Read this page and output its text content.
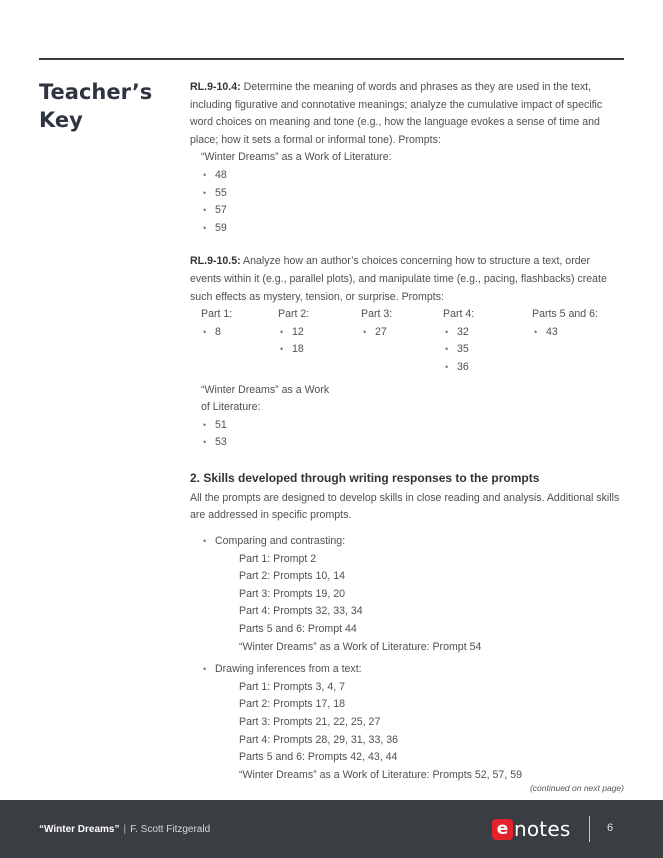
Teacher’s Key

RL.9-10.4: Determine the meaning of words and phrases as they are used in the text, including figurative and connotative meanings; analyze the cumulative impact of specific word choices on meaning and tone (e.g., how the language evokes a sense of time and place; how it sets a formal or informal tone). Prompts:

“Winter Dreams” as a Work of Literature:
• 48
• 55
• 57
• 59

RL.9-10.5: Analyze how an author’s choices concerning how to structure a text, order events within it (e.g., parallel plots), and manipulate time (e.g., pacing, flashbacks) create such effects as mystery, tension, or surprise. Prompts:

Part 1:
• 8
Part 2:
• 12
• 18
Part 3:
• 27
Part 4:
• 32
• 35
• 36
Parts 5 and 6:
• 43
“Winter Dreams” as a Work
of Literature:
• 51
• 53
2. Skills developed through writing responses to the prompts

All the prompts are designed to develop skills in close reading and analysis. Additional skills are addressed in specific prompts.

• Comparing and contrasting:
Part 1: Prompt 2
Part 2: Prompts 10, 14
Part 3: Prompts 19, 20
Part 4: Prompts 32, 33, 34
Parts 5 and 6: Prompt 44
“Winter Dreams” as a Work of Literature: Prompt 54
• Drawing inferences from a text:
Part 1: Prompts 3, 4, 7
Part 2: Prompts 17, 18
Part 3: Prompts 21, 22, 25, 27
Part 4: Prompts 28, 29, 31, 33, 36
Parts 5 and 6: Prompts 42, 43, 44
“Winter Dreams” as a Work of Literature: Prompts 52, 57, 59
(continued on next page)
“Winter Dreams” | F. Scott Fitzgerald	e notes	6
